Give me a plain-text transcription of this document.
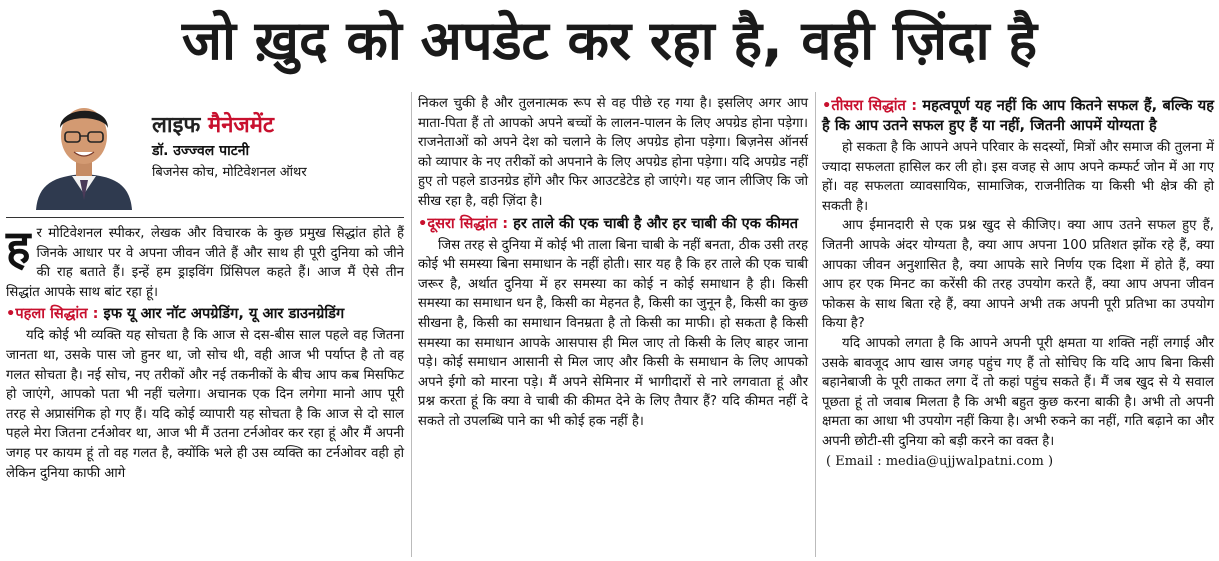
जो ख़ुद को अपडेट कर रहा है, वही ज़िंदा है
लाइफ मैनेजमेंट
डॉ. उज्ज्वल पाटनी
बिजनेस कोच, मोटिवेशनल ऑथर

हर मोटिवेशनल स्पीकर, लेखक और विचारक के कुछ प्रमुख सिद्धांत होते हैं जिनके आधार पर वे अपना जीवन जीते हैं और साथ ही पूरी दुनिया को जीने की राह बताते हैं। इन्हें हम ड्राइविंग प्रिंसिपल कहते हैं। आज मैं ऐसे तीन सिद्धांत आपके साथ बांट रहा हूं।

•पहला सिद्धांत : इफ यू आर नॉट अपग्रेडिंग, यू आर डाउनग्रेडिंग

यदि कोई भी व्यक्ति यह सोचता है कि आज से दस-बीस साल पहले वह जितना जानता था, उसके पास जो हुनर था, जो सोच थी, वही आज भी पर्याप्त है तो वह गलत सोचता है। नई सोच, नए तरीकों और नई तकनीकों के बीच आप कब मिसफिट हो जाएंगे, आपको पता भी नहीं चलेगा। अचानक एक दिन लगेगा मानो आप पूरी तरह से अप्रासंगिक हो गए हैं। यदि कोई व्यापारी यह सोचता है कि आज से दो साल पहले मेरा जितना टर्नओवर था, आज भी मैं उतना टर्नओवर कर रहा हूं और मैं अपनी जगह पर कायम हूं तो वह गलत है, क्योंकि भले ही उस व्यक्ति का टर्नओवर वही हो लेकिन दुनिया काफी आगे

निकल चुकी है और तुलनात्मक रूप से वह पीछे रह गया है। इसलिए अगर आप माता-पिता हैं तो आपको अपने बच्चों के लालन-पालन के लिए अपग्रेड होना पड़ेगा। राजनेताओं को अपने देश को चलाने के लिए अपग्रेड होना पड़ेगा। बिज़नेस ऑनर्स को व्यापार के नए तरीकों को अपनाने के लिए अपग्रेड होना पड़ेगा। यदि अपग्रेड नहीं हुए तो पहले डाउनग्रेड होंगे और फिर आउटडेटेड हो जाएंगे। यह जान लीजिए कि जो सीख रहा है, वही ज़िंदा है।

•दूसरा सिद्धांत : हर ताले की एक चाबी है और हर चाबी की एक कीमत

जिस तरह से दुनिया में कोई भी ताला बिना चाबी के नहीं बनता, ठीक उसी तरह कोई भी समस्या बिना समाधान के नहीं होती। सार यह है कि हर ताले की एक चाबी जरूर है, अर्थात दुनिया में हर समस्या का कोई न कोई समाधान है ही। किसी समस्या का समाधान धन है, किसी का मेहनत है, किसी का जुनून है, किसी का कुछ सीखना है, किसी का समाधान विनम्रता है तो किसी का माफी। हो सकता है किसी समस्या का समाधान आपके आसपास ही मिल जाए तो किसी के लिए बाहर जाना पड़े। कोई समाधान आसानी से मिल जाए और किसी के समाधान के लिए आपको अपने ईगो को मारना पड़े। मैं अपने सेमिनार में भागीदारों से नारे लगवाता हूं और प्रश्न करता हूं कि क्या वे चाबी की कीमत देने के लिए तैयार हैं? यदि कीमत नहीं दे सकते तो उपलब्धि पाने का भी कोई हक नहीं है।

•तीसरा सिद्धांत : महत्वपूर्ण यह नहीं कि आप कितने सफल हैं, बल्कि यह है कि आप उतने सफल हुए हैं या नहीं, जितनी आपमें योग्यता है

हो सकता है कि आपने अपने परिवार के सदस्यों, मित्रों और समाज की तुलना में ज्यादा सफलता हासिल कर ली हो। इस वजह से आप अपने कम्फर्ट जोन में आ गए हों। वह सफलता व्यावसायिक, सामाजिक, राजनीतिक या किसी भी क्षेत्र की हो सकती है।

आप ईमानदारी से एक प्रश्न खुद से कीजिए। क्या आप उतने सफल हुए हैं, जितनी आपके अंदर योग्यता है, क्या आप अपना 100 प्रतिशत झोंक रहे हैं, क्या आपका जीवन अनुशासित है, क्या आपके सारे निर्णय एक दिशा में होते हैं, क्या आप हर एक मिनट का करेंसी की तरह उपयोग करते हैं, क्या आप अपना जीवन फोकस के साथ बिता रहे हैं, क्या आपने अभी तक अपनी पूरी प्रतिभा का उपयोग किया है?

यदि आपको लगता है कि आपने अपनी पूरी क्षमता या शक्ति नहीं लगाई और उसके बावजूद आप खास जगह पहुंच गए हैं तो सोचिए कि यदि आप बिना किसी बहानेबाजी के पूरी ताकत लगा दें तो कहां पहुंच सकते हैं। मैं जब खुद से ये सवाल पूछता हूं तो जवाब मिलता है कि अभी बहुत कुछ करना बाकी है। अभी तो अपनी क्षमता का आधा भी उपयोग नहीं किया है। अभी रुकने का नहीं, गति बढ़ाने का और अपनी छोटी-सी दुनिया को बड़ी करने का वक्त है।

( Email : media@ujjwalpatni.com )
